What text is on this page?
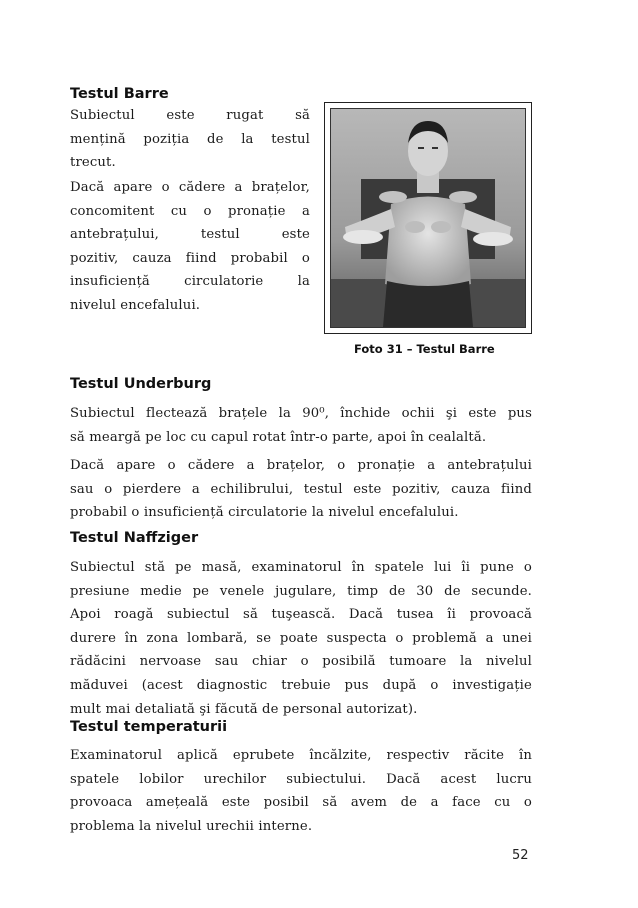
Testul Barre
Subiectul este rugat să
mențină poziția de la testul
trecut.
Dacă apare o cădere a brațelor,
concomitent cu o pronație a
antebrațului, testul este
pozitiv, cauza fiind probabil o
insuficiență circulatorie la
nivelul encefalului.
Foto 31 – Testul Barre
Testul Underburg
Subiectul flectează brațele la 90⁰, închide ochii şi este pus
să meargă pe loc cu capul rotat într-o parte, apoi în cealaltă.
Dacă apare o cădere a brațelor, o pronație a antebrațului
sau o pierdere a echilibrului, testul este pozitiv, cauza fiind
probabil o insuficiență circulatorie la nivelul encefalului.
Testul Naffziger
Subiectul stă pe masă, examinatorul în spatele lui îi pune o
presiune medie pe venele jugulare, timp de 30 de secunde.
Apoi roagă subiectul să tuşească. Dacă tusea îi provoacă
durere în zona lombară, se poate suspecta o problemă a unei
rădăcini nervoase sau chiar o posibilă tumoare la nivelul
măduvei (acest diagnostic trebuie pus după o investigație
mult mai detaliată şi făcută de personal autorizat).
Testul temperaturii
Examinatorul aplică eprubete încălzite, respectiv răcite în
spatele lobilor urechilor subiectului. Dacă acest lucru
provoaca amețeală este posibil să avem de a face cu o
problema la nivelul urechii interne.
52
